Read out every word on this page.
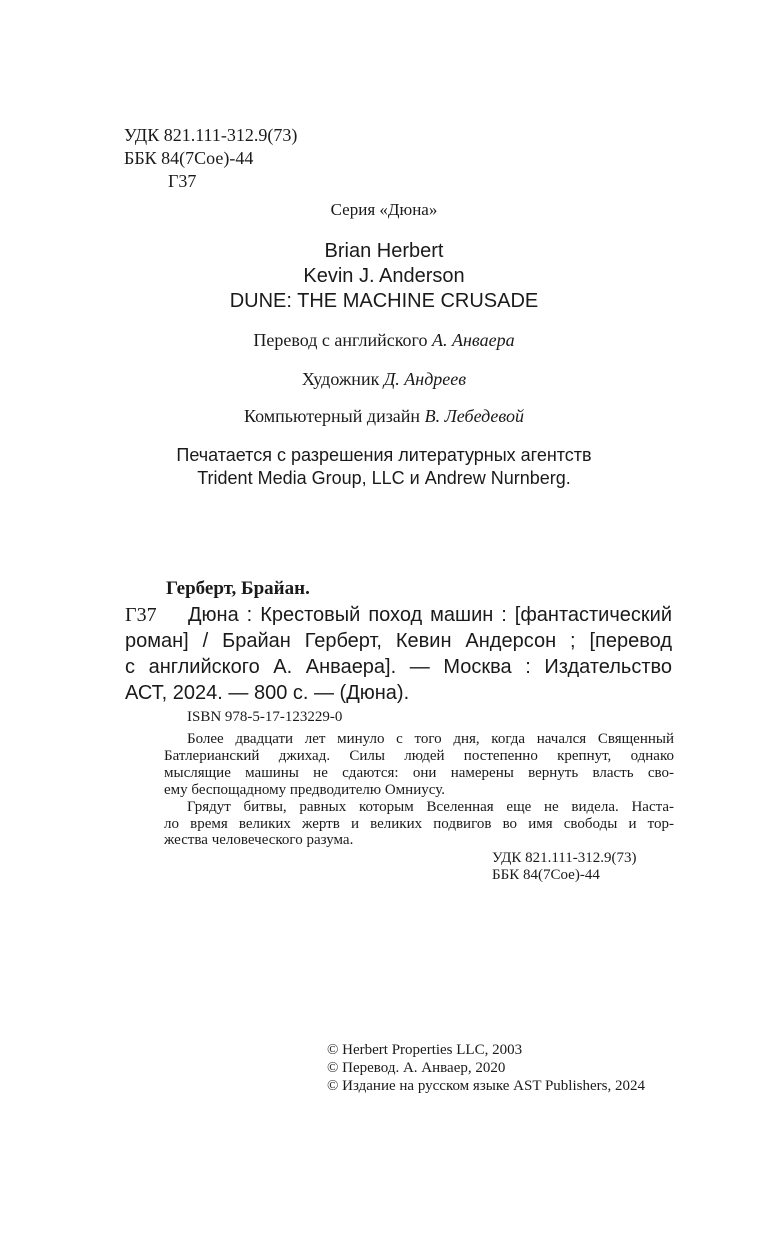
УДК 821.111-312.9(73)
ББК 84(7Сое)-44
Г37
Серия «Дюна»
Brian Herbert
Kevin J. Anderson
DUNE: THE MACHINE CRUSADE
Перевод с английского А. Анваера
Художник Д. Андреев
Компьютерный дизайн В. Лебедевой
Печатается с разрешения литературных агентств
Trident Media Group, LLC и Andrew Nurnberg.
Герберт, Брайан.
Г37 Дюна : Крестовый поход машин : [фантастический
роман] / Брайан Герберт, Кевин Андерсон ; [перевод
с английского А. Анваера]. — Москва : Издательство
АСТ, 2024. — 800 с. — (Дюна).
ISBN 978-5-17-123229-0
Более двадцати лет минуло с того дня, когда начался Священный
Батлерианский джихад. Силы людей постепенно крепнут, однако
мыслящие машины не сдаются: они намерены вернуть власть сво-
ему беспощадному предводителю Омниусу.
Грядут битвы, равных которым Вселенная еще не видела. Наста-
ло время великих жертв и великих подвигов во имя свободы и тор-
жества человеческого разума.
УДК 821.111-312.9(73)
ББК 84(7Сое)-44
© Herbert Properties LLC, 2003
© Перевод. А. Анваер, 2020
© Издание на русском языке AST Publishers, 2024
